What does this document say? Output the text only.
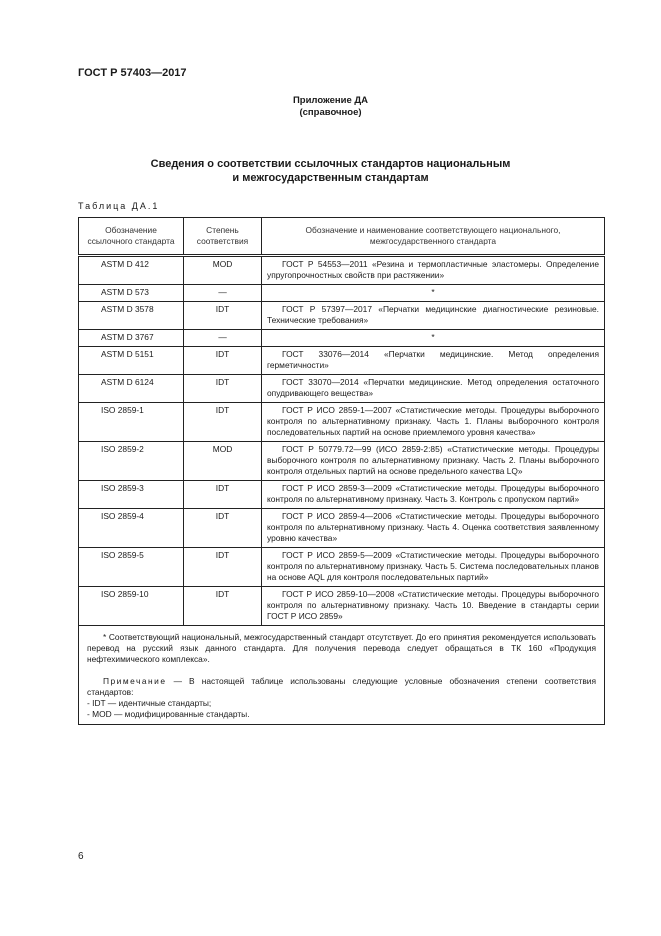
ГОСТ Р 57403—2017
Приложение ДА
(справочное)
Сведения о соответствии ссылочных стандартов национальным
и межгосударственным стандартам
Таблица ДА.1
Обозначение ссылочного стандарта	Степень соответствия	Обозначение и наименование соответствующего национального, межгосударственного стандарта
ASTM D 412	MOD	ГОСТ Р 54553—2011 «Резина и термопластичные эластомеры. Определение упругопрочностных свойств при растяжении»
ASTM D 573	—	*
ASTM D 3578	IDT	ГОСТ Р 57397—2017 «Перчатки медицинские диагностические резиновые. Технические требования»
ASTM D 3767	—	*
ASTM D 5151	IDT	ГОСТ 33076—2014 «Перчатки медицинские. Метод определения герметичности»
ASTM D 6124	IDT	ГОСТ 33070—2014 «Перчатки медицинские. Метод определения остаточного опудривающего вещества»
ISO 2859-1	IDT	ГОСТ Р ИСО 2859-1—2007 «Статистические методы. Процедуры выборочного контроля по альтернативному признаку. Часть 1. Планы выборочного контроля последовательных партий на основе приемлемого уровня качества»
ISO 2859-2	MOD	ГОСТ Р 50779.72—99 (ИСО 2859-2:85) «Статистические методы. Процедуры выборочного контроля по альтернативному признаку. Часть 2. Планы выборочного контроля отдельных партий на основе предельного качества LQ»
ISO 2859-3	IDT	ГОСТ Р ИСО 2859-3—2009 «Статистические методы. Процедуры выборочного контроля по альтернативному признаку. Часть 3. Контроль с пропуском партий»
ISO 2859-4	IDT	ГОСТ Р ИСО 2859-4—2006 «Статистические методы. Процедуры выборочного контроля по альтернативному признаку. Часть 4. Оценка соответствия заявленному уровню качества»
ISO 2859-5	IDT	ГОСТ Р ИСО 2859-5—2009 «Статистические методы. Процедуры выборочного контроля по альтернативному признаку. Часть 5. Система последовательных планов на основе AQL для контроля последовательных партий»
ISO 2859-10	IDT	ГОСТ Р ИСО 2859-10—2008 «Статистические методы. Процедуры выборочного контроля по альтернативному признаку. Часть 10. Введение в стандарты серии ГОСТ Р ИСО 2859»

* Соответствующий национальный, межгосударственный стандарт отсутствует. До его принятия рекомендуется использовать перевод на русский язык данного стандарта. Для получения перевода следует обращаться в ТК 160 «Продукция нефтехимического комплекса».

Примечание — В настоящей таблице использованы следующие условные обозначения степени соответствия стандартов:

- IDT — идентичные стандарты;

- MOD — модифицированные стандарты.		

6
